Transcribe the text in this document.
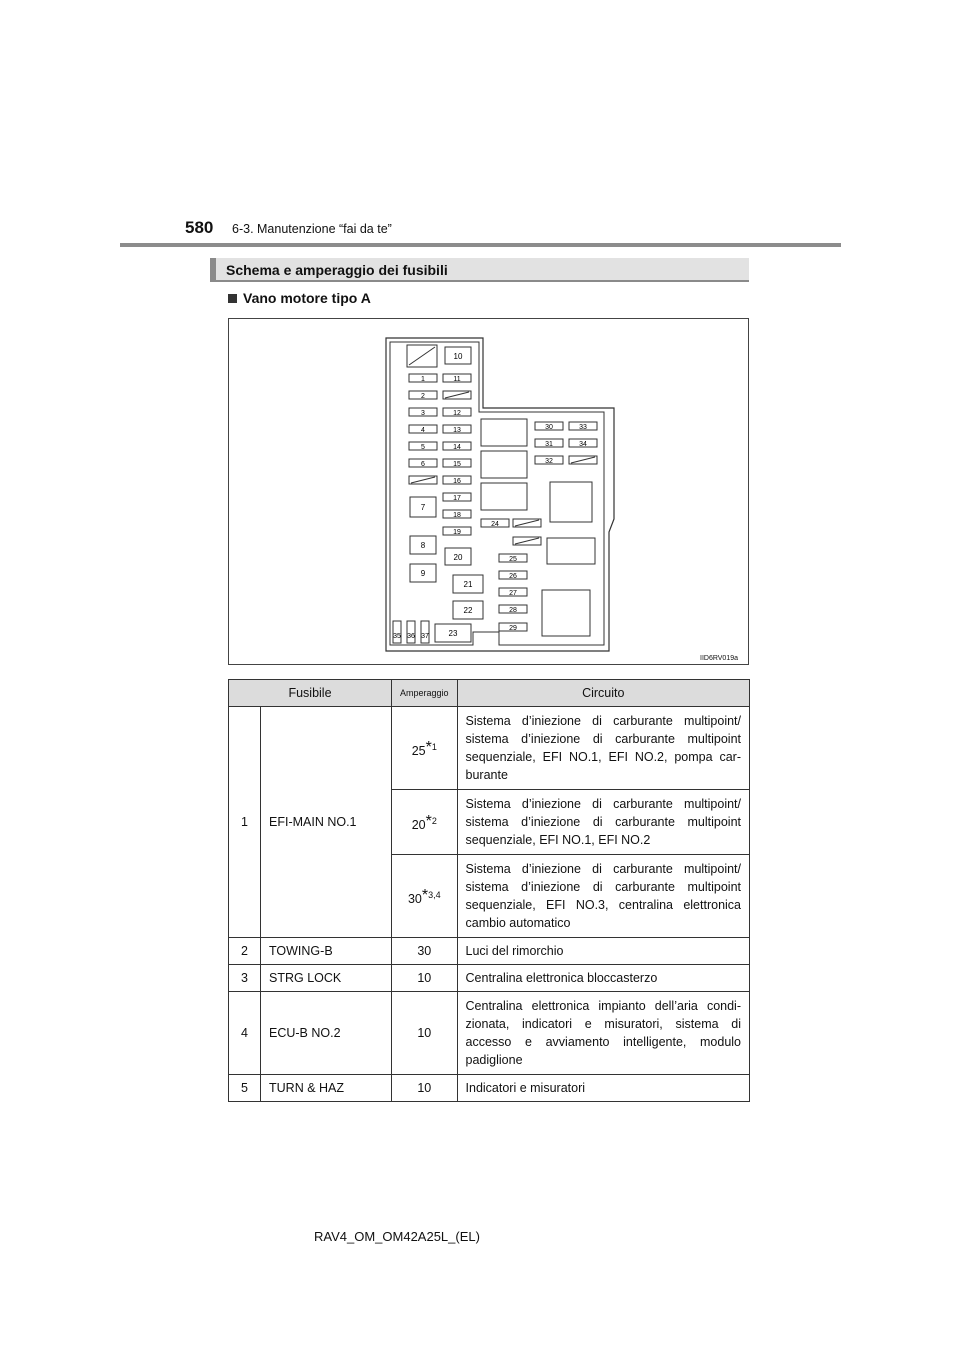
580 6-3. Manutenzione “fai da te”
Schema e amperaggio dei fusibili
Vano motore tipo A
10
1
2
3
4
5
6
11
12
13
14
15
16
17
18
19
7
8
9
20
21
22
23
35 36 37
24
25
26
27
28
29
30
31
32
33
34
IID6RV019a
Fusibile		Amperaggio	Circuito
1	EFI-MAIN NO.1	25*$^1$	Sistema d’iniezione di carburante multipoint/ sistema d’iniezione di carburante multipoint sequenziale, EFI NO.1, EFI NO.2, pompa car- burante
		20*$^2$	Sistema d’iniezione di carburante multipoint/ sistema d’iniezione di carburante multipoint sequenziale, EFI NO.1, EFI NO.2
		30*$^{3,4}$	Sistema d’iniezione di carburante multipoint/ sistema d’iniezione di carburante multipoint sequenziale, EFI NO.3, centralina elettronica cambio automatico
2	TOWING-B	30	Luci del rimorchio
3	STRG LOCK	10	Centralina elettronica bloccasterzo
4	ECU-B NO.2	10	Centralina elettronica impianto dell’aria condi- zionata, indicatori e misuratori, sistema di accesso e avviamento intelligente, modulo padiglione
5	TURN & HAZ	10	Indicatori e misuratori
RAV4_OM_OM42A25L_(EL)
